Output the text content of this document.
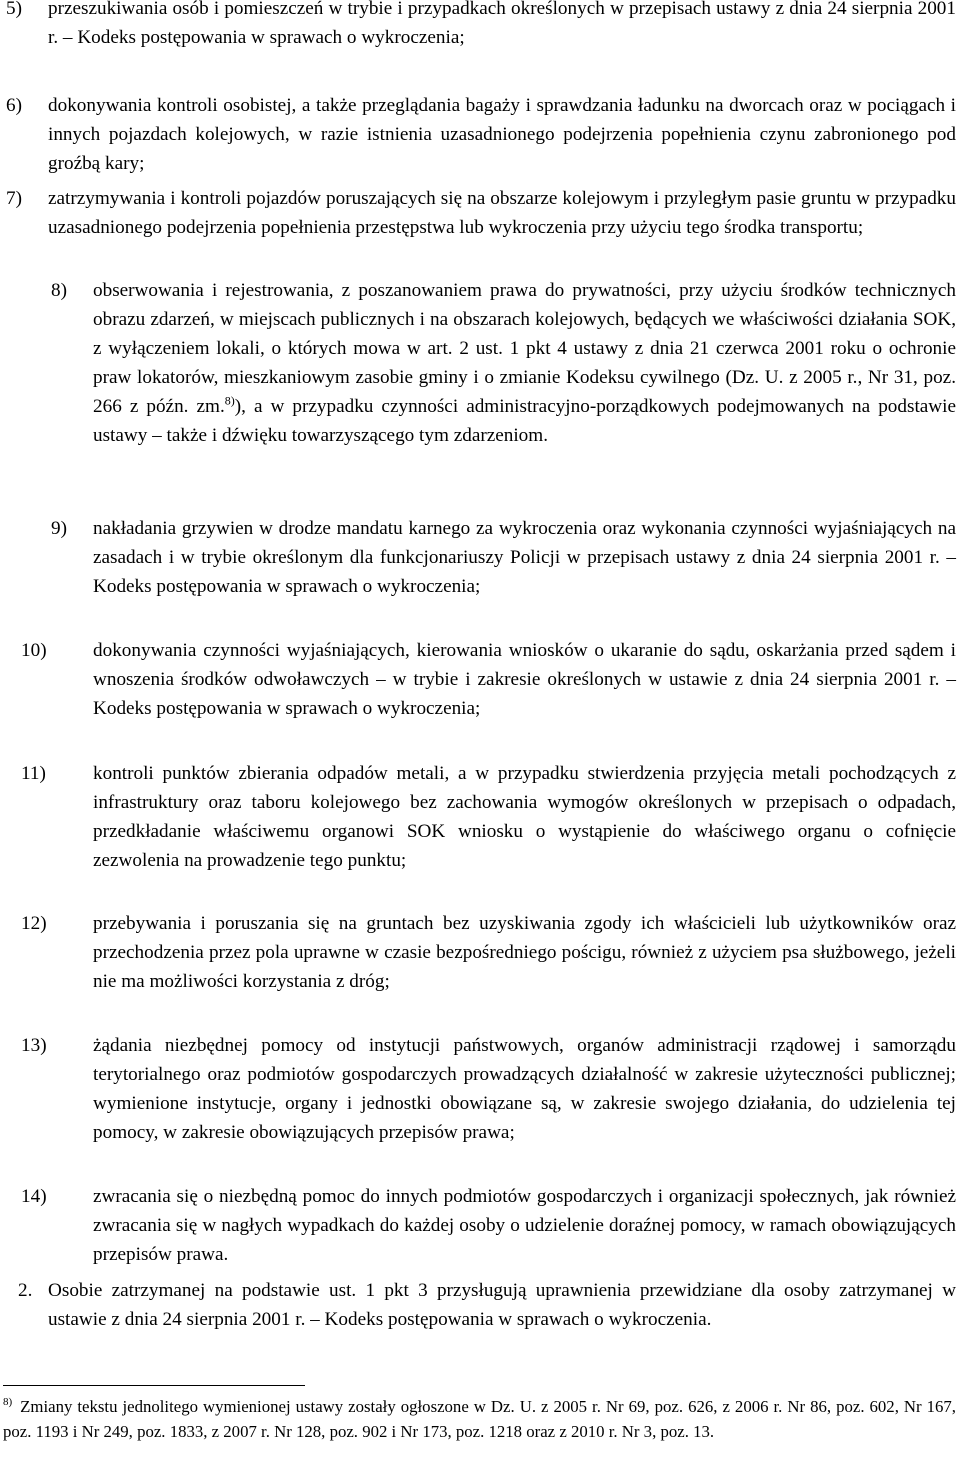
5) przeszukiwania osób i pomieszczeń w trybie i przypadkach określonych w przepisach ustawy z dnia 24 sierpnia 2001 r. – Kodeks postępowania w sprawach o wykroczenia;
6) dokonywania kontroli osobistej, a także przeglądania bagaży i sprawdzania ładunku na dworcach oraz w pociągach i innych pojazdach kolejowych, w razie istnienia uzasadnionego podejrzenia popełnienia czynu zabronionego pod groźbą kary;
7) zatrzymywania i kontroli pojazdów poruszających się na obszarze kolejowym i przyległym pasie gruntu w przypadku uzasadnionego podejrzenia popełnienia przestępstwa lub wykroczenia przy użyciu tego środka transportu;
8) obserwowania i rejestrowania, z poszanowaniem prawa do prywatności, przy użyciu środków technicznych obrazu zdarzeń, w miejscach publicznych i na obszarach kolejowych, będących we właściwości działania SOK, z wyłączeniem lokali, o których mowa w art. 2 ust. 1 pkt 4 ustawy z dnia 21 czerwca 2001 roku o ochronie praw lokatorów, mieszkaniowym zasobie gminy i o zmianie Kodeksu cywilnego (Dz. U. z 2005 r., Nr 31, poz. 266 z późn. zm.$^{8)}$), a w przypadku czynności administracyjno-porządkowych podejmowanych na podstawie ustawy – także i dźwięku towarzyszącego tym zdarzeniom.
9) nakładania grzywien w drodze mandatu karnego za wykroczenia oraz wykonania czynności wyjaśniających na zasadach i w trybie określonym dla funkcjonariuszy Policji w przepisach ustawy z dnia 24 sierpnia 2001 r. – Kodeks postępowania w sprawach o wykroczenia;
10) dokonywania czynności wyjaśniających, kierowania wniosków o ukaranie do sądu, oskarżania przed sądem i wnoszenia środków odwoławczych – w trybie i zakresie określonych w ustawie z dnia 24 sierpnia 2001 r. – Kodeks postępowania w sprawach o wykroczenia;
11) kontroli punktów zbierania odpadów metali, a w przypadku stwierdzenia przyjęcia metali pochodzących z infrastruktury oraz taboru kolejowego bez zachowania wymogów określonych w przepisach o odpadach, przedkładanie właściwemu organowi SOK wniosku o wystąpienie do właściwego organu o cofnięcie zezwolenia na prowadzenie tego punktu;
12) przebywania i poruszania się na gruntach bez uzyskiwania zgody ich właścicieli lub użytkowników oraz przechodzenia przez pola uprawne w czasie bezpośredniego pościgu, również z użyciem psa służbowego, jeżeli nie ma możliwości korzystania z dróg;
13) żądania niezbędnej pomocy od instytucji państwowych, organów administracji rządowej i samorządu terytorialnego oraz podmiotów gospodarczych prowadzących działalność w zakresie użyteczności publicznej; wymienione instytucje, organy i jednostki obowiązane są, w zakresie swojego działania, do udzielenia tej pomocy, w zakresie obowiązujących przepisów prawa;
14) zwracania się o niezbędną pomoc do innych podmiotów gospodarczych i organizacji społecznych, jak również zwracania się w nagłych wypadkach do każdej osoby o udzielenie doraźnej pomocy, w ramach obowiązujących przepisów prawa.
2. Osobie zatrzymanej na podstawie ust. 1 pkt 3 przysługują uprawnienia przewidziane dla osoby zatrzymanej w ustawie z dnia 24 sierpnia 2001 r. – Kodeks postępowania w sprawach o wykroczenia.

$^{8)}$ Zmiany tekstu jednolitego wymienionej ustawy zostały ogłoszone w Dz. U. z 2005 r. Nr 69, poz. 626, z 2006 r. Nr 86, poz. 602, Nr 167, poz. 1193 i Nr 249, poz. 1833, z 2007 r. Nr 128, poz. 902 i Nr 173, poz. 1218 oraz z 2010 r. Nr 3, poz. 13.
